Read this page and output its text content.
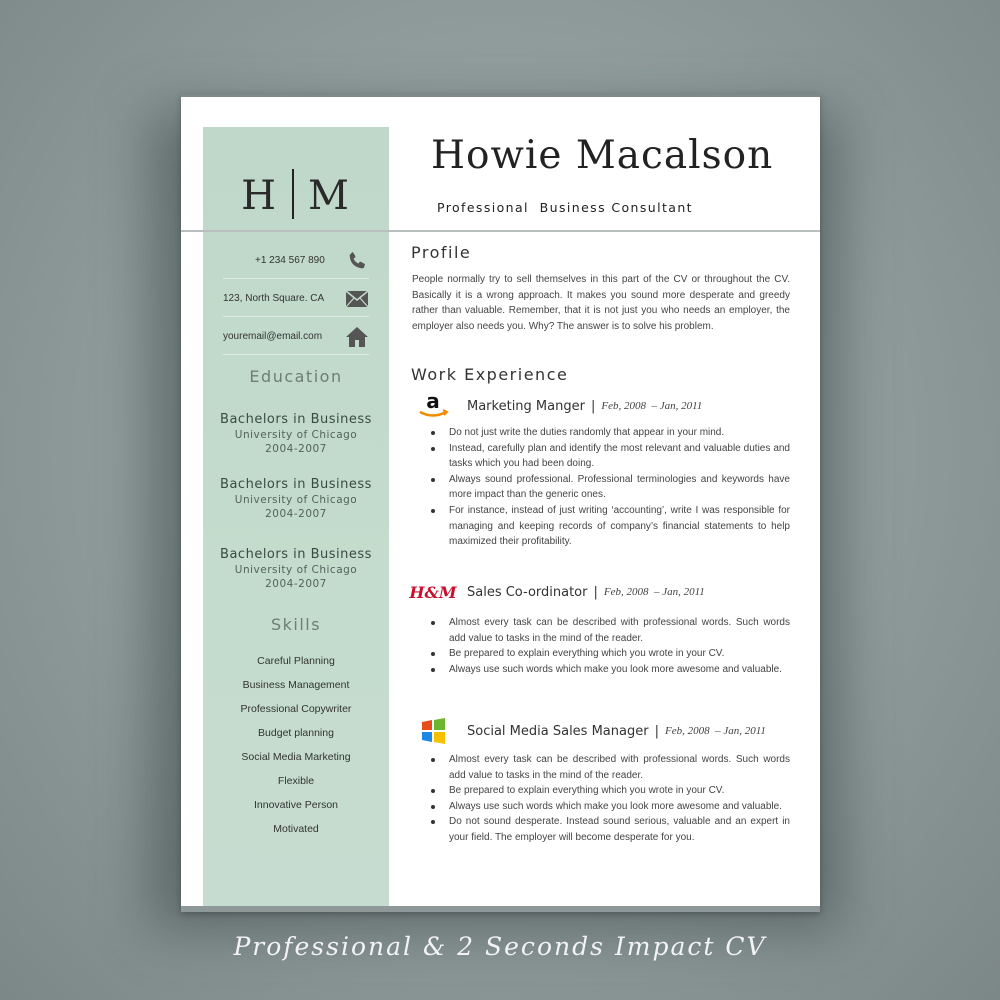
H M
+1 234 567 890
123, North Square. CA
youremail@email.com
Education
Bachelors in Business
University of Chicago
2004-2007
Bachelors in Business
University of Chicago
2004-2007
Bachelors in Business
University of Chicago
2004-2007
Skills
Careful Planning
Business Management
Professional Copywriter
Budget planning
Social Media Marketing
Flexible
Innovative Person
Motivated
Howie Macalson
Professional  Business Consultant
Profile
People normally try to sell themselves in this part of the CV or throughout the CV. Basically it is a wrong approach. It makes you sound more desperate and greedy rather than valuable. Remember, that it is not just you who needs an employer, the employer also needs you. Why? The answer is to solve his problem.
Work Experience
a Marketing Manger | Feb, 2008  – Jan, 2011
Do not just write the duties randomly that appear in your mind.
Instead, carefully plan and identify the most relevant and valuable duties and tasks which you had been doing.
Always sound professional. Professional terminologies and keywords have more impact than the generic ones.
For instance, instead of just writing ‘accounting’, write I was responsible for managing and keeping records of company’s financial statements to help maximized their profitability.
H&M Sales Co-ordinator | Feb, 2008  – Jan, 2011
Almost every task can be described with professional words. Such words add value to tasks in the mind of the reader.
Be prepared to explain everything which you wrote in your CV.
Always use such words which make you look more awesome and valuable.
Social Media Sales Manager | Feb, 2008  – Jan, 2011
Almost every task can be described with professional words. Such words add value to tasks in the mind of the reader.
Be prepared to explain everything which you wrote in your CV.
Always use such words which make you look more awesome and valuable.
Do not sound desperate. Instead sound serious, valuable and an expert in your field. The employer will become desperate for you.
Professional & 2 Seconds Impact CV
